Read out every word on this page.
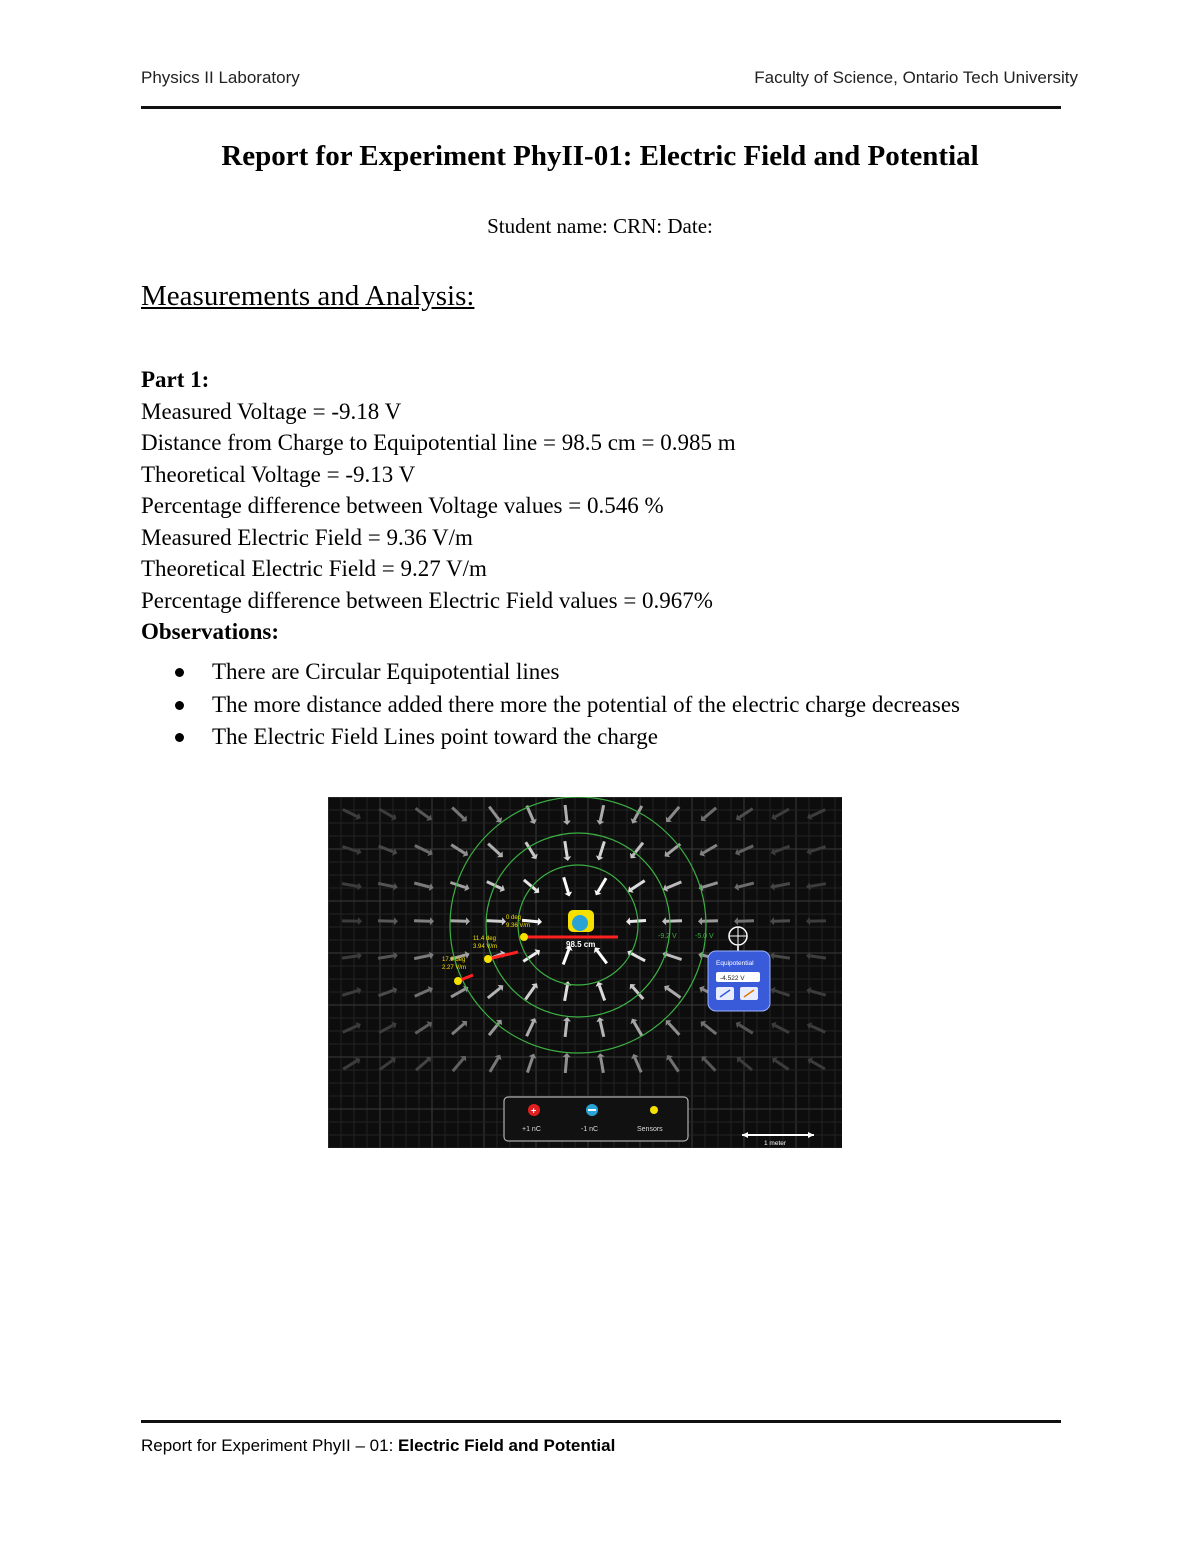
Physics II Laboratory	Faculty of Science, Ontario Tech University
Report for Experiment PhyII-01: Electric Field and Potential
Student name: CRN: Date:
Measurements and Analysis:
Part 1:
Measured Voltage = -9.18 V
Distance from Charge to Equipotential line = 98.5 cm = 0.985 m
Theoretical Voltage = -9.13 V
Percentage difference between Voltage values = 0.546 %
Measured Electric Field = 9.36 V/m
Theoretical Electric Field = 9.27 V/m
Percentage difference between Electric Field values = 0.967%
Observations:
There are Circular Equipotential lines
The more distance added there more the potential of the electric charge decreases
The Electric Field Lines point toward the charge
98.5 cm
0 deg
9.36 V/m
11.4 deg
3.94 V/m
17.8 deg
2.27 V/m
-9.2 V	-5.0 V
Equipotential
-4.522 V
+
+1 nC	-1 nC	Sensors
1 meter
Report for Experiment PhyII – 01: Electric Field and Potential
